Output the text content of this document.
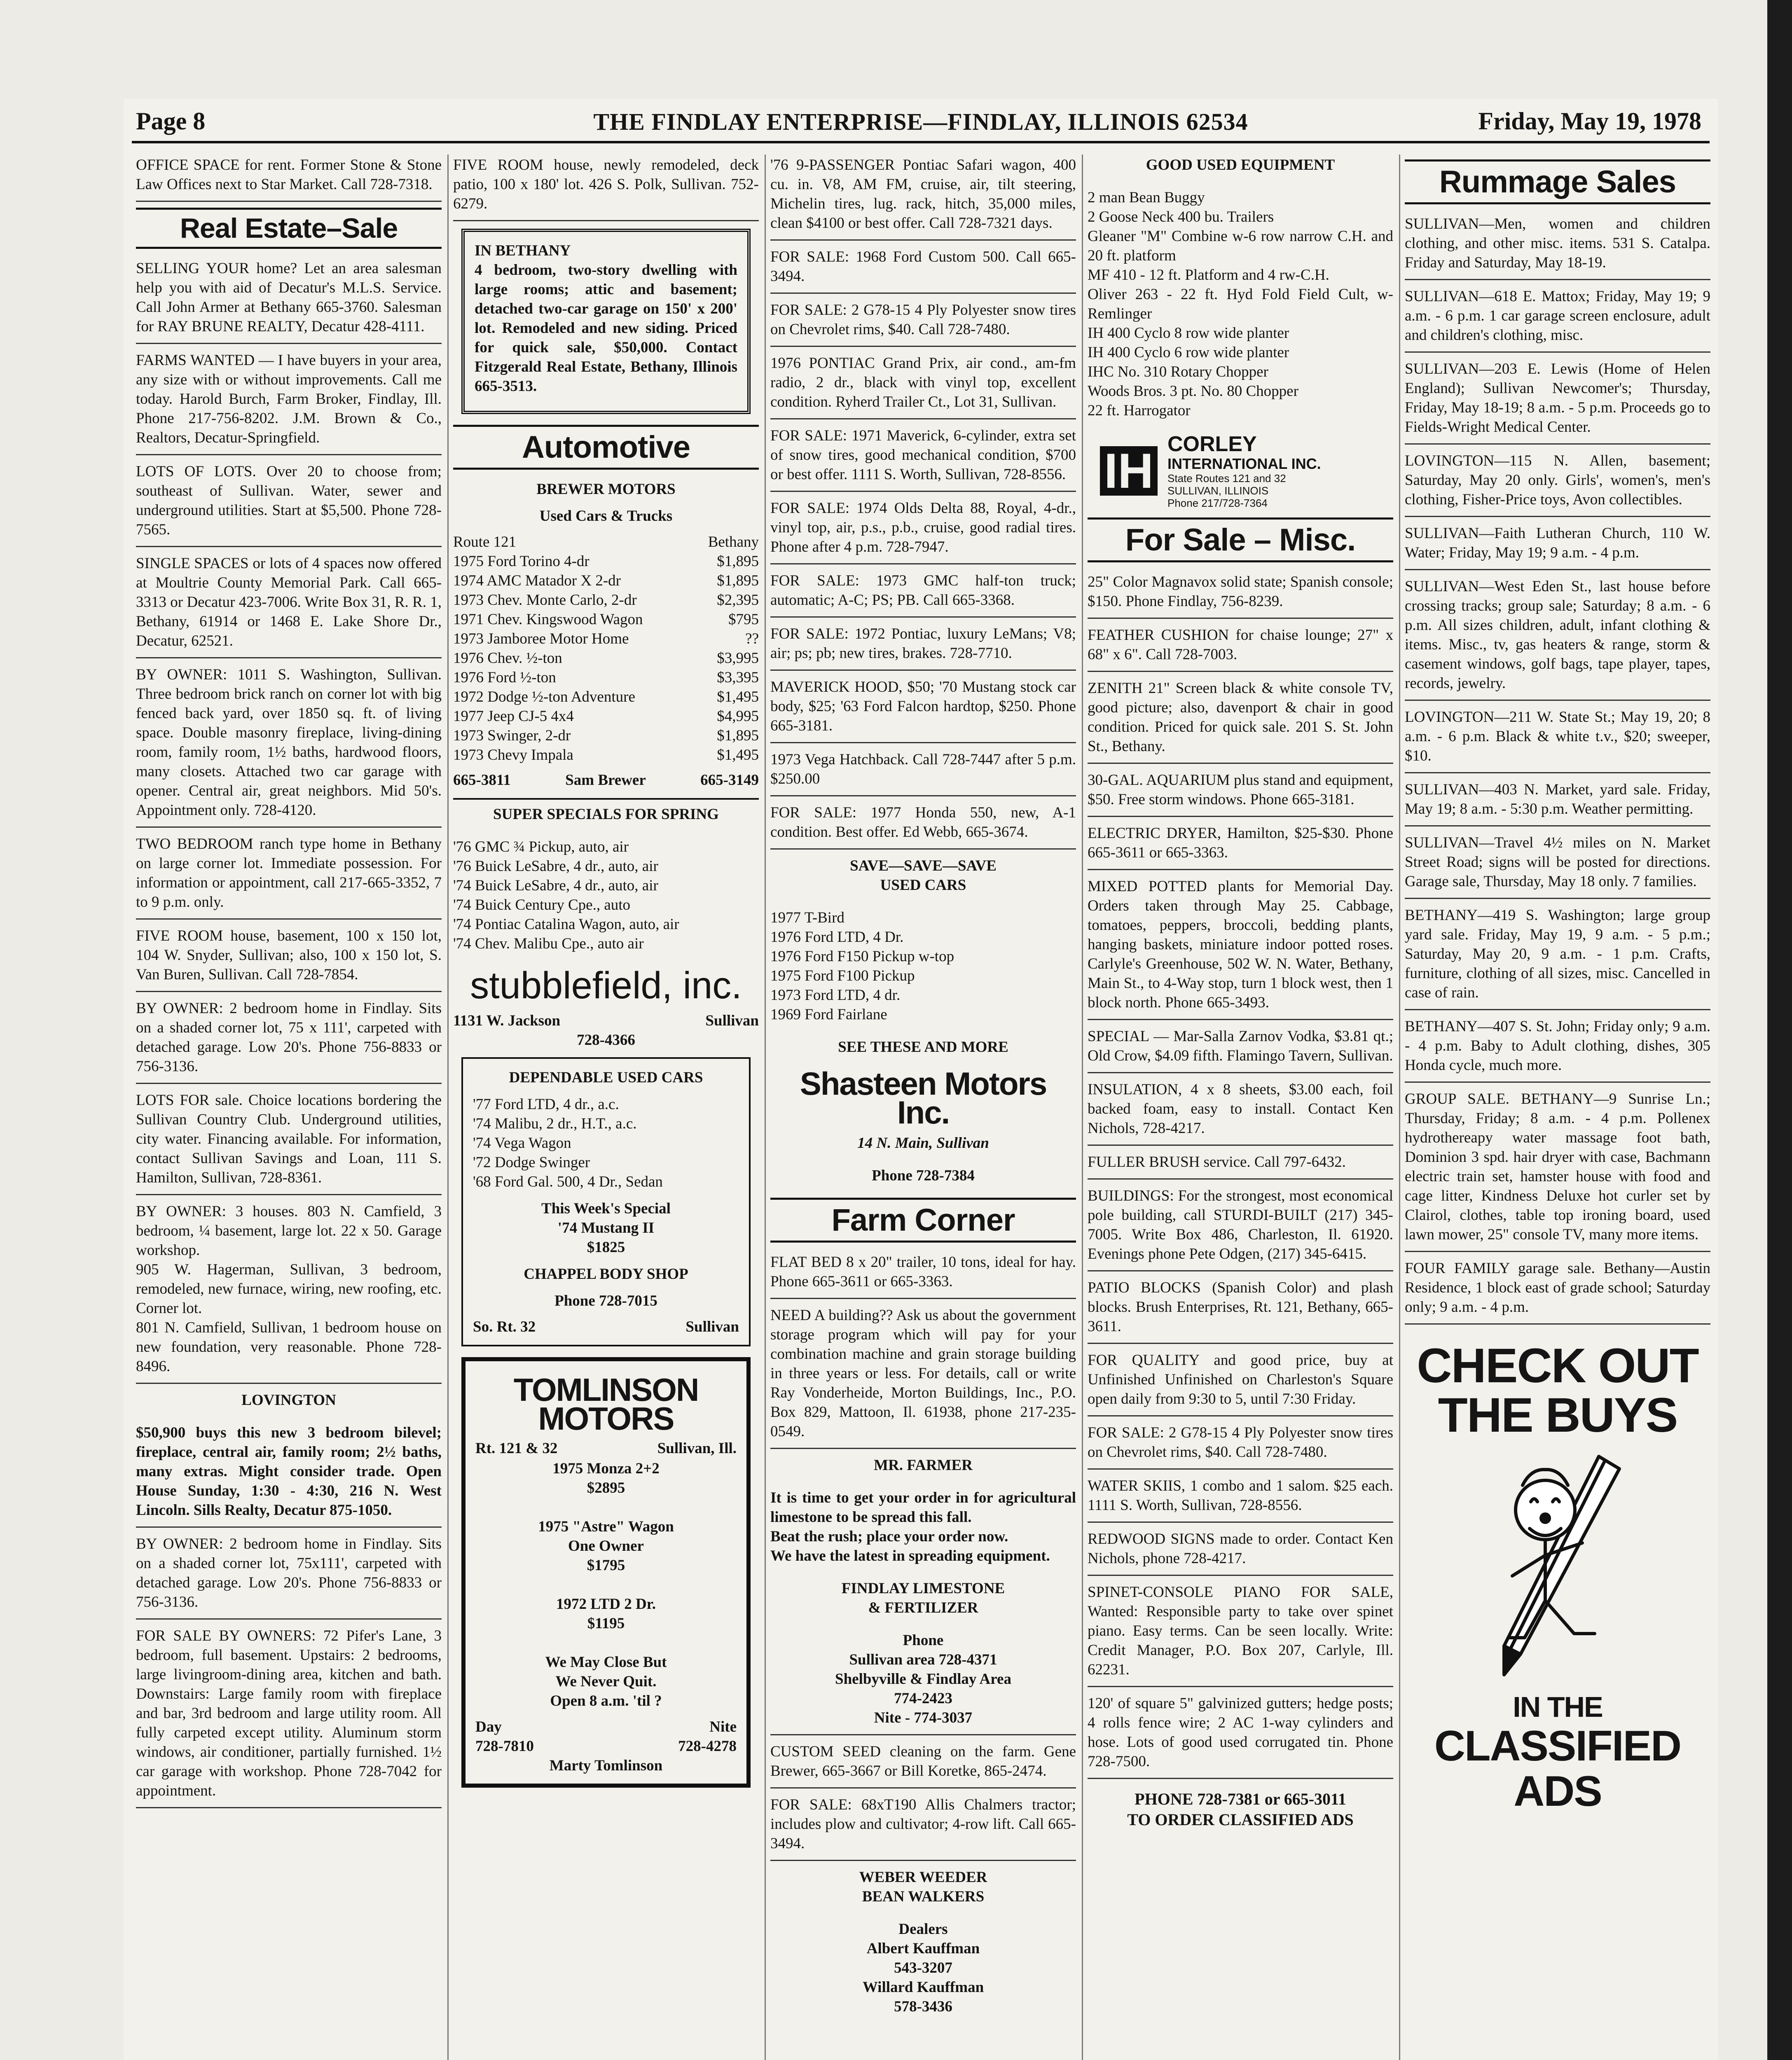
Page 8	THE FINDLAY ENTERPRISE—FINDLAY, ILLINOIS 62534	Friday, May 19, 1978
OFFICE SPACE for rent. Former Stone & Stone Law Offices next to Star Market. Call 728-7318.
Real Estate–Sale
SELLING YOUR home? Let an area salesman help you with aid of Decatur's M.L.S. Service. Call John Armer at Bethany 665-3760. Salesman for RAY BRUNE REALTY, Decatur 428-4111.
FARMS WANTED — I have buyers in your area, any size with or without improvements. Call me today. Harold Burch, Farm Broker, Findlay, Ill. Phone 217-756-8202. J.M. Brown & Co., Realtors, Decatur-Springfield.
LOTS OF LOTS. Over 20 to choose from; southeast of Sullivan. Water, sewer and underground utilities. Start at $5,500. Phone 728-7565.
SINGLE SPACES or lots of 4 spaces now offered at Moultrie County Memorial Park. Call 665-3313 or Decatur 423-7006. Write Box 31, R. R. 1, Bethany, 61914 or 1468 E. Lake Shore Dr., Decatur, 62521.
BY OWNER: 1011 S. Washington, Sullivan. Three bedroom brick ranch on corner lot with big fenced back yard, over 1850 sq. ft. of living space. Double masonry fireplace, living-dining room, family room, 1½ baths, hardwood floors, many closets. Attached two car garage with opener. Central air, great neighbors. Mid 50's. Appointment only. 728-4120.
TWO BEDROOM ranch type home in Bethany on large corner lot. Immediate possession. For information or appointment, call 217-665-3352, 7 to 9 p.m. only.
FIVE ROOM house, basement, 100 x 150 lot, 104 W. Snyder, Sullivan; also, 100 x 150 lot, S. Van Buren, Sullivan. Call 728-7854.
BY OWNER: 2 bedroom home in Findlay. Sits on a shaded corner lot, 75 x 111', carpeted with detached garage. Low 20's. Phone 756-8833 or 756-3136.
LOTS FOR sale. Choice locations bordering the Sullivan Country Club. Underground utilities, city water. Financing available. For information, contact Sullivan Savings and Loan, 111 S. Hamilton, Sullivan, 728-8361.
BY OWNER: 3 houses. 803 N. Camfield, 3 bedroom, ¼ basement, large lot. 22 x 50. Garage workshop.
905 W. Hagerman, Sullivan, 3 bedroom, remodeled, new furnace, wiring, new roofing, etc. Corner lot.
801 N. Camfield, Sullivan, 1 bedroom house on new foundation, very reasonable. Phone 728-8496.
LOVINGTON
$50,900 buys this new 3 bedroom bilevel; fireplace, central air, family room; 2½ baths, many extras. Might consider trade. Open House Sunday, 1:30 - 4:30, 216 N. West Lincoln. Sills Realty, Decatur 875-1050.
BY OWNER: 2 bedroom home in Findlay. Sits on a shaded corner lot, 75x111', carpeted with detached garage. Low 20's. Phone 756-8833 or 756-3136.
FOR SALE BY OWNERS: 72 Pifer's Lane, 3 bedroom, full basement. Upstairs: 2 bedrooms, large livingroom-dining area, kitchen and bath. Downstairs: Large family room with fireplace and bar, 3rd bedroom and large utility room. All fully carpeted except utility. Aluminum storm windows, air conditioner, partially furnished. 1½ car garage with workshop. Phone 728-7042 for appointment.
FIVE ROOM house, newly remodeled, deck patio, 100 x 180' lot. 426 S. Polk, Sullivan. 752-6279.
IN BETHANY
4 bedroom, two-story dwelling with large rooms; attic and basement; detached two-car garage on 150' x 200' lot. Remodeled and new siding. Priced for quick sale, $50,000. Contact Fitzgerald Real Estate, Bethany, Illinois 665-3513.
Automotive
BREWER MOTORS
Used Cars & Trucks
Route 121	Bethany
1975 Ford Torino 4-dr	$1,895
1974 AMC Matador X 2-dr	$1,895
1973 Chev. Monte Carlo, 2-dr	$2,395
1971 Chev. Kingswood Wagon	$795
1973 Jamboree Motor Home	??
1976 Chev. ½-ton	$3,995
1976 Ford ½-ton	$3,395
1972 Dodge ½-ton Adventure	$1,495
1977 Jeep CJ-5 4x4	$4,995
1973 Swinger, 2-dr	$1,895
1973 Chevy Impala	$1,495
665-3811	Sam Brewer	665-3149
SUPER SPECIALS FOR SPRING
'76 GMC ¾ Pickup, auto, air
'76 Buick LeSabre, 4 dr., auto, air
'74 Buick LeSabre, 4 dr., auto, air
'74 Buick Century Cpe., auto
'74 Pontiac Catalina Wagon, auto, air
'74 Chev. Malibu Cpe., auto air
stubblefield, inc.
1131 W. Jackson	Sullivan
728-4366
DEPENDABLE USED CARS
'77 Ford LTD, 4 dr., a.c.
'74 Malibu, 2 dr., H.T., a.c.
'74 Vega Wagon
'72 Dodge Swinger
'68 Ford Gal. 500, 4 Dr., Sedan
This Week's Special
'74 Mustang II
$1825
CHAPPEL BODY SHOP
Phone 728-7015
So. Rt. 32	Sullivan
TOMLINSON MOTORS
Rt. 121 & 32	Sullivan, Ill.
1975 Monza 2+2
$2895

1975 "Astre" Wagon
One Owner
$1795

1972 LTD 2 Dr.
$1195

We May Close But
We Never Quit.
Open 8 a.m. 'til ?
Day	Nite
728-7810	728-4278
Marty Tomlinson
'76 9-PASSENGER Pontiac Safari wagon, 400 cu. in. V8, AM FM, cruise, air, tilt steering, Michelin tires, lug. rack, hitch, 35,000 miles, clean $4100 or best offer. Call 728-7321 days.
FOR SALE: 1968 Ford Custom 500. Call 665-3494.
FOR SALE: 2 G78-15 4 Ply Polyester snow tires on Chevrolet rims, $40. Call 728-7480.
1976 PONTIAC Grand Prix, air cond., am-fm radio, 2 dr., black with vinyl top, excellent condition. Ryherd Trailer Ct., Lot 31, Sullivan.
FOR SALE: 1971 Maverick, 6-cylinder, extra set of snow tires, good mechanical condition, $700 or best offer. 1111 S. Worth, Sullivan, 728-8556.
FOR SALE: 1974 Olds Delta 88, Royal, 4-dr., vinyl top, air, p.s., p.b., cruise, good radial tires. Phone after 4 p.m. 728-7947.
FOR SALE: 1973 GMC half-ton truck; automatic; A-C; PS; PB. Call 665-3368.
FOR SALE: 1972 Pontiac, luxury LeMans; V8; air; ps; pb; new tires, brakes. 728-7710.
MAVERICK HOOD, $50; '70 Mustang stock car body, $25; '63 Ford Falcon hardtop, $250. Phone 665-3181.
1973 Vega Hatchback. Call 728-7447 after 5 p.m. $250.00
FOR SALE: 1977 Honda 550, new, A-1 condition. Best offer. Ed Webb, 665-3674.
SAVE—SAVE—SAVE
USED CARS
1977 T-Bird
1976 Ford LTD, 4 Dr.
1976 Ford F150 Pickup w-top
1975 Ford F100 Pickup
1973 Ford LTD, 4 dr.
1969 Ford Fairlane
SEE THESE AND MORE
Shasteen Motors Inc.
14 N. Main, Sullivan
Phone 728-7384
Farm Corner
FLAT BED 8 x 20" trailer, 10 tons, ideal for hay. Phone 665-3611 or 665-3363.
NEED A building?? Ask us about the government storage program which will pay for your combination machine and grain storage building in three years or less. For details, call or write Ray Vonderheide, Morton Buildings, Inc., P.O. Box 829, Mattoon, Il. 61938, phone 217-235-0549.
MR. FARMER
It is time to get your order in for agricultural limestone to be spread this fall.
Beat the rush; place your order now.
We have the latest in spreading equipment.
FINDLAY LIMESTONE
& FERTILIZER
Phone
Sullivan area 728-4371
Shelbyville & Findlay Area
774-2423
Nite - 774-3037
CUSTOM SEED cleaning on the farm. Gene Brewer, 665-3667 or Bill Koretke, 865-2474.
FOR SALE: 68xT190 Allis Chalmers tractor; includes plow and cultivator; 4-row lift. Call 665-3494.
WEBER WEEDER
BEAN WALKERS
Dealers
Albert Kauffman
543-3207
Willard Kauffman
578-3436
GOOD USED EQUIPMENT
2 man Bean Buggy
2 Goose Neck 400 bu. Trailers
Gleaner "M" Combine w-6 row narrow C.H. and 20 ft. platform
MF 410 - 12 ft. Platform and 4 rw-C.H.
Oliver 263 - 22 ft. Hyd Fold Field Cult, w-Remlinger
IH 400 Cyclo 8 row wide planter
IH 400 Cyclo 6 row wide planter
IHC No. 310 Rotary Chopper
Woods Bros. 3 pt. No. 80 Chopper
22 ft. Harrogator
IH CORLEY
INTERNATIONAL INC.
State Routes 121 and 32
SULLIVAN, ILLINOIS
Phone 217/728-7364
For Sale – Misc.
25" Color Magnavox solid state; Spanish console; $150. Phone Findlay, 756-8239.
FEATHER CUSHION for chaise lounge; 27" x 68" x 6". Call 728-7003.
ZENITH 21" Screen black & white console TV, good picture; also, davenport & chair in good condition. Priced for quick sale. 201 S. St. John St., Bethany.
30-GAL. AQUARIUM plus stand and equipment, $50. Free storm windows. Phone 665-3181.
ELECTRIC DRYER, Hamilton, $25-$30. Phone 665-3611 or 665-3363.
MIXED POTTED plants for Memorial Day. Orders taken through May 25. Cabbage, tomatoes, peppers, broccoli, bedding plants, hanging baskets, miniature indoor potted roses. Carlyle's Greenhouse, 502 W. N. Water, Bethany, Main St., to 4-Way stop, turn 1 block west, then 1 block north. Phone 665-3493.
SPECIAL — Mar-Salla Zarnov Vodka, $3.81 qt.; Old Crow, $4.09 fifth. Flamingo Tavern, Sullivan.
INSULATION, 4 x 8 sheets, $3.00 each, foil backed foam, easy to install. Contact Ken Nichols, 728-4217.
FULLER BRUSH service. Call 797-6432.
BUILDINGS: For the strongest, most economical pole building, call STURDI-BUILT (217) 345-7005. Write Box 486, Charleston, Il. 61920. Evenings phone Pete Odgen, (217) 345-6415.
PATIO BLOCKS (Spanish Color) and plash blocks. Brush Enterprises, Rt. 121, Bethany, 665-3611.
FOR QUALITY and good price, buy at Unfinished Unfinished on Charleston's Square open daily from 9:30 to 5, until 7:30 Friday.
FOR SALE: 2 G78-15 4 Ply Polyester snow tires on Chevrolet rims, $40. Call 728-7480.
WATER SKIIS, 1 combo and 1 salom. $25 each. 1111 S. Worth, Sullivan, 728-8556.
REDWOOD SIGNS made to order. Contact Ken Nichols, phone 728-4217.
SPINET-CONSOLE PIANO FOR SALE, Wanted: Responsible party to take over spinet piano. Easy terms. Can be seen locally. Write: Credit Manager, P.O. Box 207, Carlyle, Ill. 62231.
120' of square 5" galvinized gutters; hedge posts; 4 rolls fence wire; 2 AC 1-way cylinders and hose. Lots of good used corrugated tin. Phone 728-7500.
PHONE 728-7381 or 665-3011
TO ORDER CLASSIFIED ADS
Rummage Sales
SULLIVAN—Men, women and children clothing, and other misc. items. 531 S. Catalpa. Friday and Saturday, May 18-19.
SULLIVAN—618 E. Mattox; Friday, May 19; 9 a.m. - 6 p.m. 1 car garage screen enclosure, adult and children's clothing, misc.
SULLIVAN—203 E. Lewis (Home of Helen England); Sullivan Newcomer's; Thursday, Friday, May 18-19; 8 a.m. - 5 p.m. Proceeds go to Fields-Wright Medical Center.
LOVINGTON—115 N. Allen, basement; Saturday, May 20 only. Girls', women's, men's clothing, Fisher-Price toys, Avon collectibles.
SULLIVAN—Faith Lutheran Church, 110 W. Water; Friday, May 19; 9 a.m. - 4 p.m.
SULLIVAN—West Eden St., last house before crossing tracks; group sale; Saturday; 8 a.m. - 6 p.m. All sizes children, adult, infant clothing & items. Misc., tv, gas heaters & range, storm & casement windows, golf bags, tape player, tapes, records, jewelry.
LOVINGTON—211 W. State St.; May 19, 20; 8 a.m. - 6 p.m. Black & white t.v., $20; sweeper, $10.
SULLIVAN—403 N. Market, yard sale. Friday, May 19; 8 a.m. - 5:30 p.m. Weather permitting.
SULLIVAN—Travel 4½ miles on N. Market Street Road; signs will be posted for directions. Garage sale, Thursday, May 18 only. 7 families.
BETHANY—419 S. Washington; large group yard sale. Friday, May 19, 9 a.m. - 5 p.m.; Saturday, May 20, 9 a.m. - 1 p.m. Crafts, furniture, clothing of all sizes, misc. Cancelled in case of rain.
BETHANY—407 S. St. John; Friday only; 9 a.m. - 4 p.m. Baby to Adult clothing, dishes, 305 Honda cycle, much more.
GROUP SALE. BETHANY—9 Sunrise Ln.; Thursday, Friday; 8 a.m. - 4 p.m. Pollenex hydrothereapy water massage foot bath, Dominion 3 spd. hair dryer with case, Bachmann electric train set, hamster house with food and cage litter, Kindness Deluxe hot curler set by Clairol, clothes, table top ironing board, used lawn mower, 25" console TV, many more items.
FOUR FAMILY garage sale. Bethany—Austin Residence, 1 block east of grade school; Saturday only; 9 a.m. - 4 p.m.
CHECK OUT
THE BUYS
IN THE
CLASSIFIED ADS
